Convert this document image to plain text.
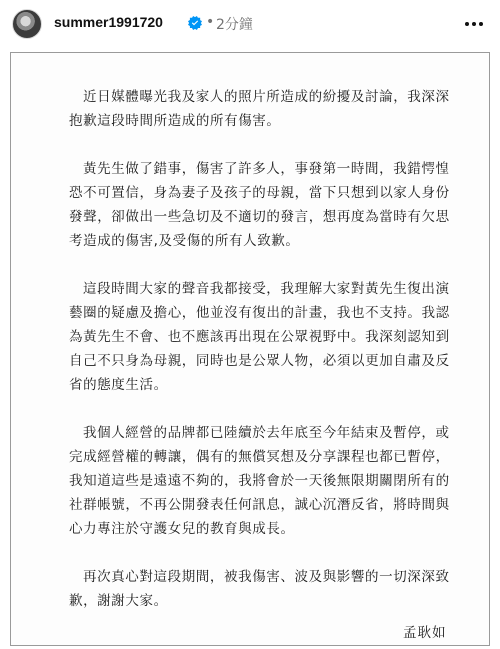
summer1991720	• 2分鐘

近日媒體曝光我及家人的照片所造成的紛擾及討論，我深深抱歉這段時間所造成的所有傷害。

黃先生做了錯事，傷害了許多人，事發第一時間，我錯愕惶恐不可置信，身為妻子及孩子的母親，當下只想到以家人身份發聲，卻做出一些急切及不適切的發言，想再度為當時有欠思考造成的傷害,及受傷的所有人致歉。

這段時間大家的聲音我都接受，我理解大家對黃先生復出演藝圈的疑慮及擔心，他並沒有復出的計畫，我也不支持。我認為黃先生不會、也不應該再出現在公眾視野中。我深刻認知到自己不只身為母親，同時也是公眾人物，必須以更加自肅及反省的態度生活。

我個人經營的品牌都已陸續於去年底至今年結束及暫停，或完成經營權的轉讓，偶有的無償冥想及分享課程也都已暫停，我知道這些是遠遠不夠的，我將會於一天後無限期關閉所有的社群帳號，不再公開發表任何訊息，誠心沉潛反省，將時間與心力專注於守護女兒的教育與成長。

再次真心對這段期間，被我傷害、波及與影響的一切深深致歉，謝謝大家。

孟耿如
